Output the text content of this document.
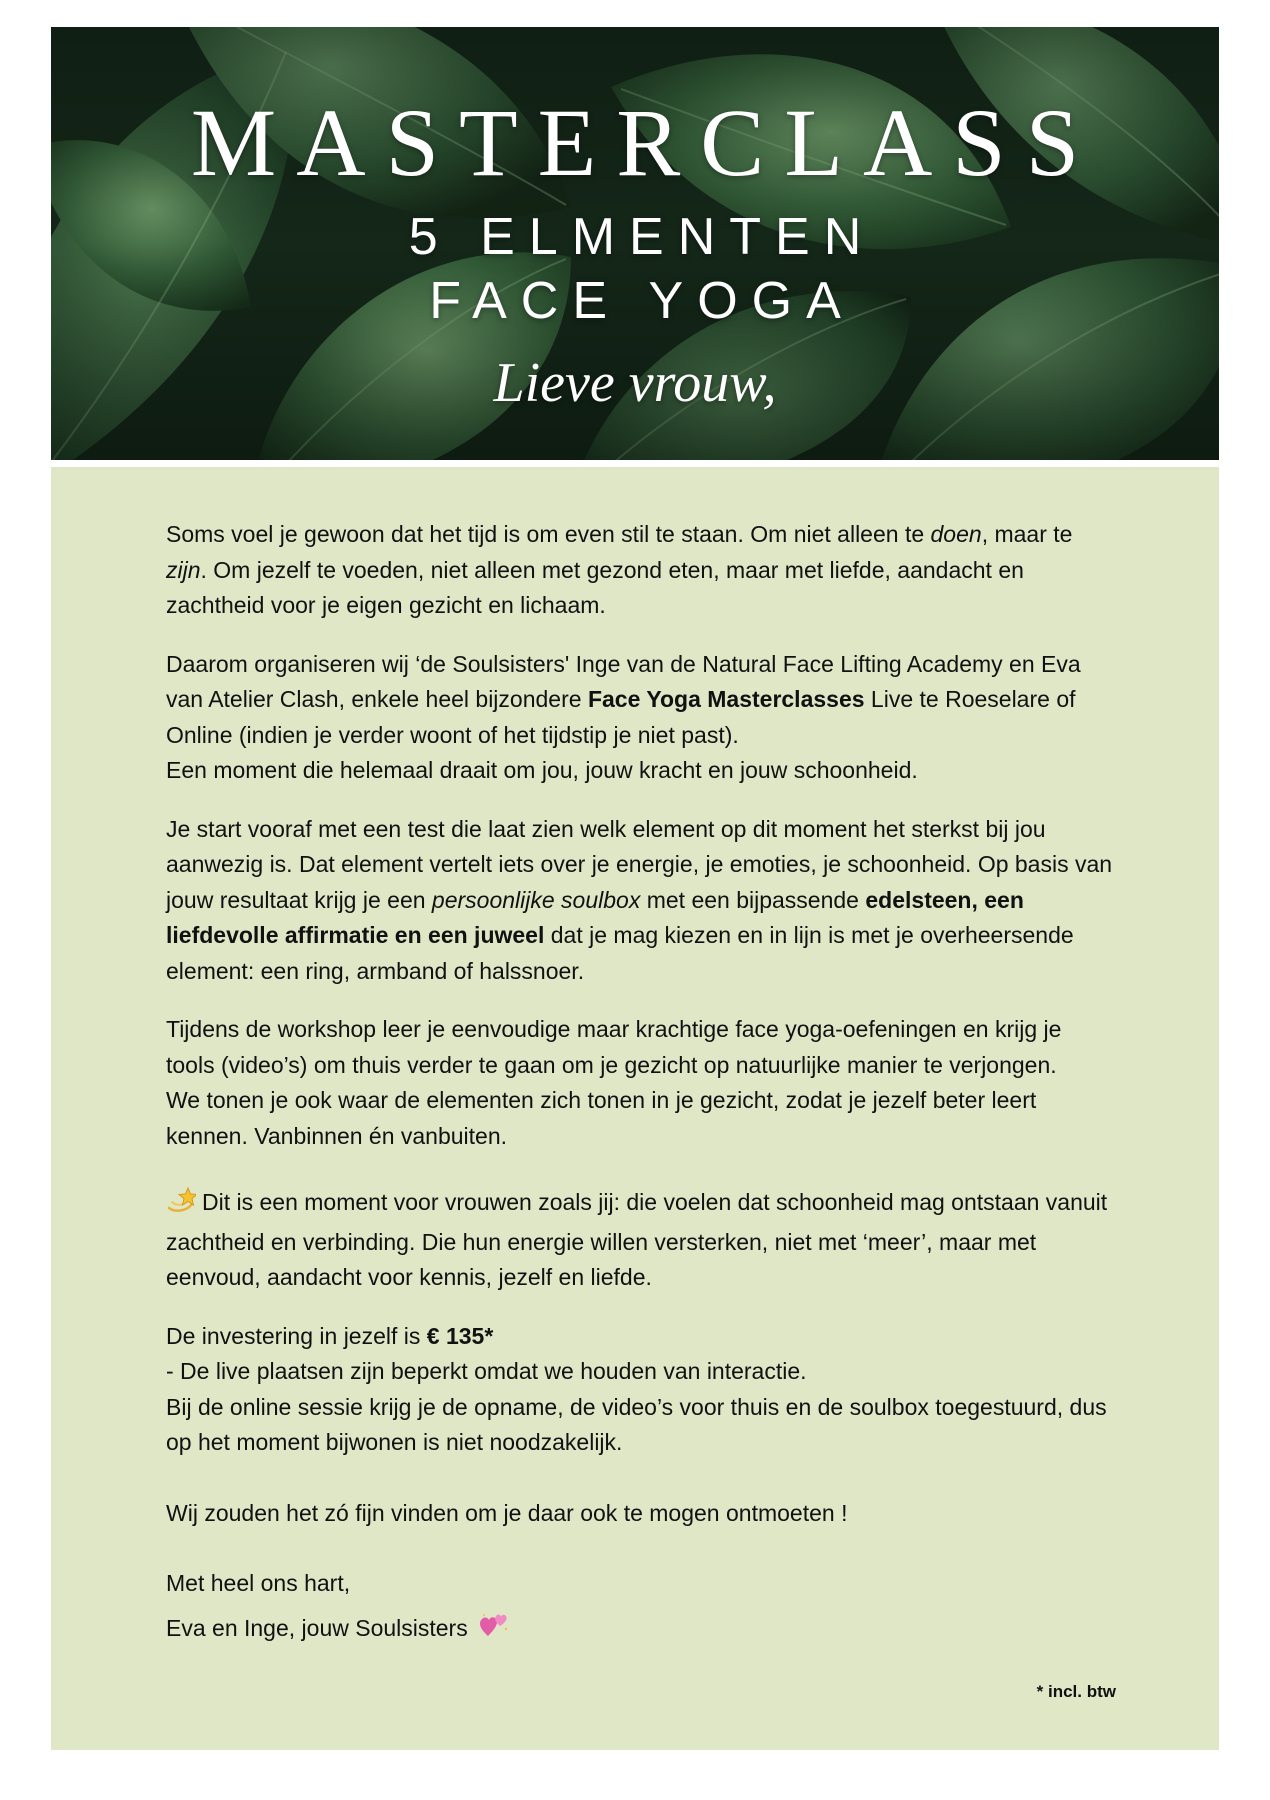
MASTERCLASS
5 ELMENTEN
FACE YOGA
Lieve vrouw,

Soms voel je gewoon dat het tijd is om even stil te staan. Om niet alleen te doen, maar te zijn. Om jezelf te voeden, niet alleen met gezond eten, maar met liefde, aandacht en zachtheid voor je eigen gezicht en lichaam.

Daarom organiseren wij ‘de Soulsisters' Inge van de Natural Face Lifting Academy en Eva van Atelier Clash, enkele heel bijzondere Face Yoga Masterclasses Live te Roeselare of Online (indien je verder woont of het tijdstip je niet past).
Een moment die helemaal draait om jou, jouw kracht en jouw schoonheid.

Je start vooraf met een test die laat zien welk element op dit moment het sterkst bij jou aanwezig is. Dat element vertelt iets over je energie, je emoties, je schoonheid. Op basis van jouw resultaat krijg je een persoonlijke soulbox met een bijpassende edelsteen, een liefdevolle affirmatie en een juweel dat je mag kiezen en in lijn is met je overheersende element: een ring, armband of halssnoer.

Tijdens de workshop leer je eenvoudige maar krachtige face yoga-oefeningen en krijg je tools (video’s) om thuis verder te gaan om je gezicht op natuurlijke manier te verjongen.
We tonen je ook waar de elementen zich tonen in je gezicht, zodat je jezelf beter leert kennen. Vanbinnen én vanbuiten.

Dit is een moment voor vrouwen zoals jij: die voelen dat schoonheid mag ontstaan vanuit zachtheid en verbinding. Die hun energie willen versterken, niet met ‘meer’, maar met eenvoud, aandacht voor kennis, jezelf en liefde.

De investering in jezelf is € 135*
- De live plaatsen zijn beperkt omdat we houden van interactie.
Bij de online sessie krijg je de opname, de video’s voor thuis en de soulbox toegestuurd, dus op het moment bijwonen is niet noodzakelijk.

Wij zouden het zó fijn vinden om je daar ook te mogen ontmoeten !

Met heel ons hart,

Eva en Inge, jouw Soulsisters

* incl. btw
